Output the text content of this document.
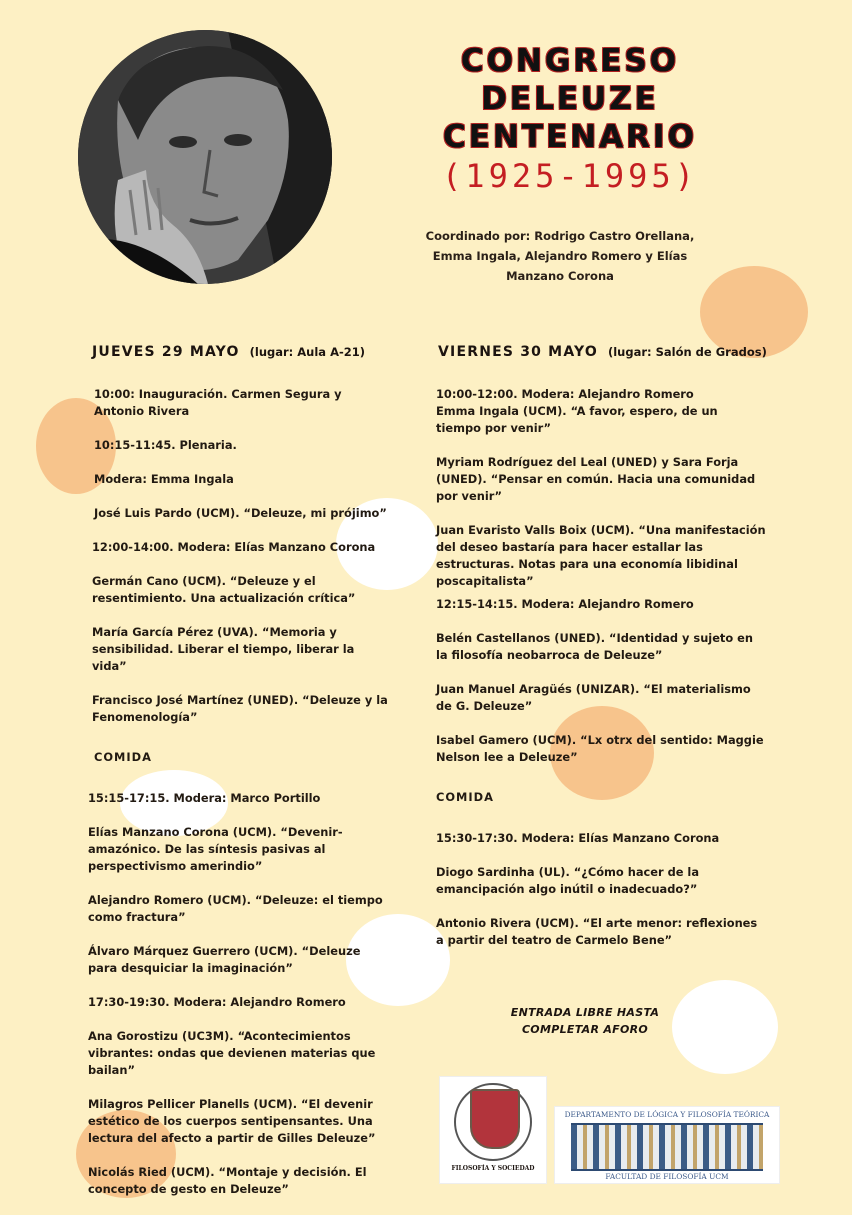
CONGRESO
DELEUZE
CENTENARIO
(1925-1995)
Coordinado por: Rodrigo Castro Orellana, Emma Ingala, Alejandro Romero y Elías Manzano Corona
JUEVES 29 MAYO (lugar: Aula A-21)	VIERNES 30 MAYO (lugar: Salón de Grados)
10:00: Inauguración. Carmen Segura y Antonio Rivera
10:15-11:45. Plenaria.
Modera: Emma Ingala
José Luis Pardo (UCM). “Deleuze, mi prójimo”
12:00-14:00. Modera: Elías Manzano Corona
Germán Cano (UCM). “Deleuze y el resentimiento. Una actualización crítica”
María García Pérez (UVA). “Memoria y sensibilidad. Liberar el tiempo, liberar la vida”
Francisco José Martínez (UNED). “Deleuze y la Fenomenología”
COMIDA
15:15-17:15. Modera: Marco Portillo
Elías Manzano Corona (UCM). “Devenir-amazónico. De las síntesis pasivas al perspectivismo amerindio”
Alejandro Romero (UCM). “Deleuze: el tiempo como fractura”
Álvaro Márquez Guerrero (UCM). “Deleuze para desquiciar la imaginación”
17:30-19:30. Modera: Alejandro Romero
Ana Gorostizu (UC3M). “Acontecimientos vibrantes: ondas que devienen materias que bailan”
Milagros Pellicer Planells (UCM). “El devenir estético de los cuerpos sentipensantes. Una lectura del afecto a partir de Gilles Deleuze”
Nicolás Ried (UCM). “Montaje y decisión. El concepto de gesto en Deleuze”
10:00-12:00. Modera: Alejandro Romero
Emma Ingala (UCM). “A favor, espero, de un tiempo por venir”
Myriam Rodríguez del Leal (UNED) y Sara Forja (UNED). “Pensar en común. Hacia una comunidad por venir”
Juan Evaristo Valls Boix (UCM). “Una manifestación del deseo bastaría para hacer estallar las estructuras. Notas para una economía libidinal poscapitalista”
12:15-14:15. Modera: Alejandro Romero
Belén Castellanos (UNED). “Identidad y sujeto en la filosofía neobarroca de Deleuze”
Juan Manuel Aragüés (UNIZAR). “El materialismo de G. Deleuze”
Isabel Gamero (UCM). “Lx otrx del sentido: Maggie Nelson lee a Deleuze”
COMIDA
15:30-17:30. Modera: Elías Manzano Corona
Diogo Sardinha (UL). “¿Cómo hacer de la emancipación algo inútil o inadecuado?”
Antonio Rivera (UCM). “El arte menor: reflexiones a partir del teatro de Carmelo Bene”
ENTRADA LIBRE HASTA COMPLETAR AFORO
FILOSOFÍA Y SOCIEDAD
DEPARTAMENTO DE LÓGICA Y FILOSOFÍA TEÓRICA
FACULTAD DE FILOSOFÍA UCM
